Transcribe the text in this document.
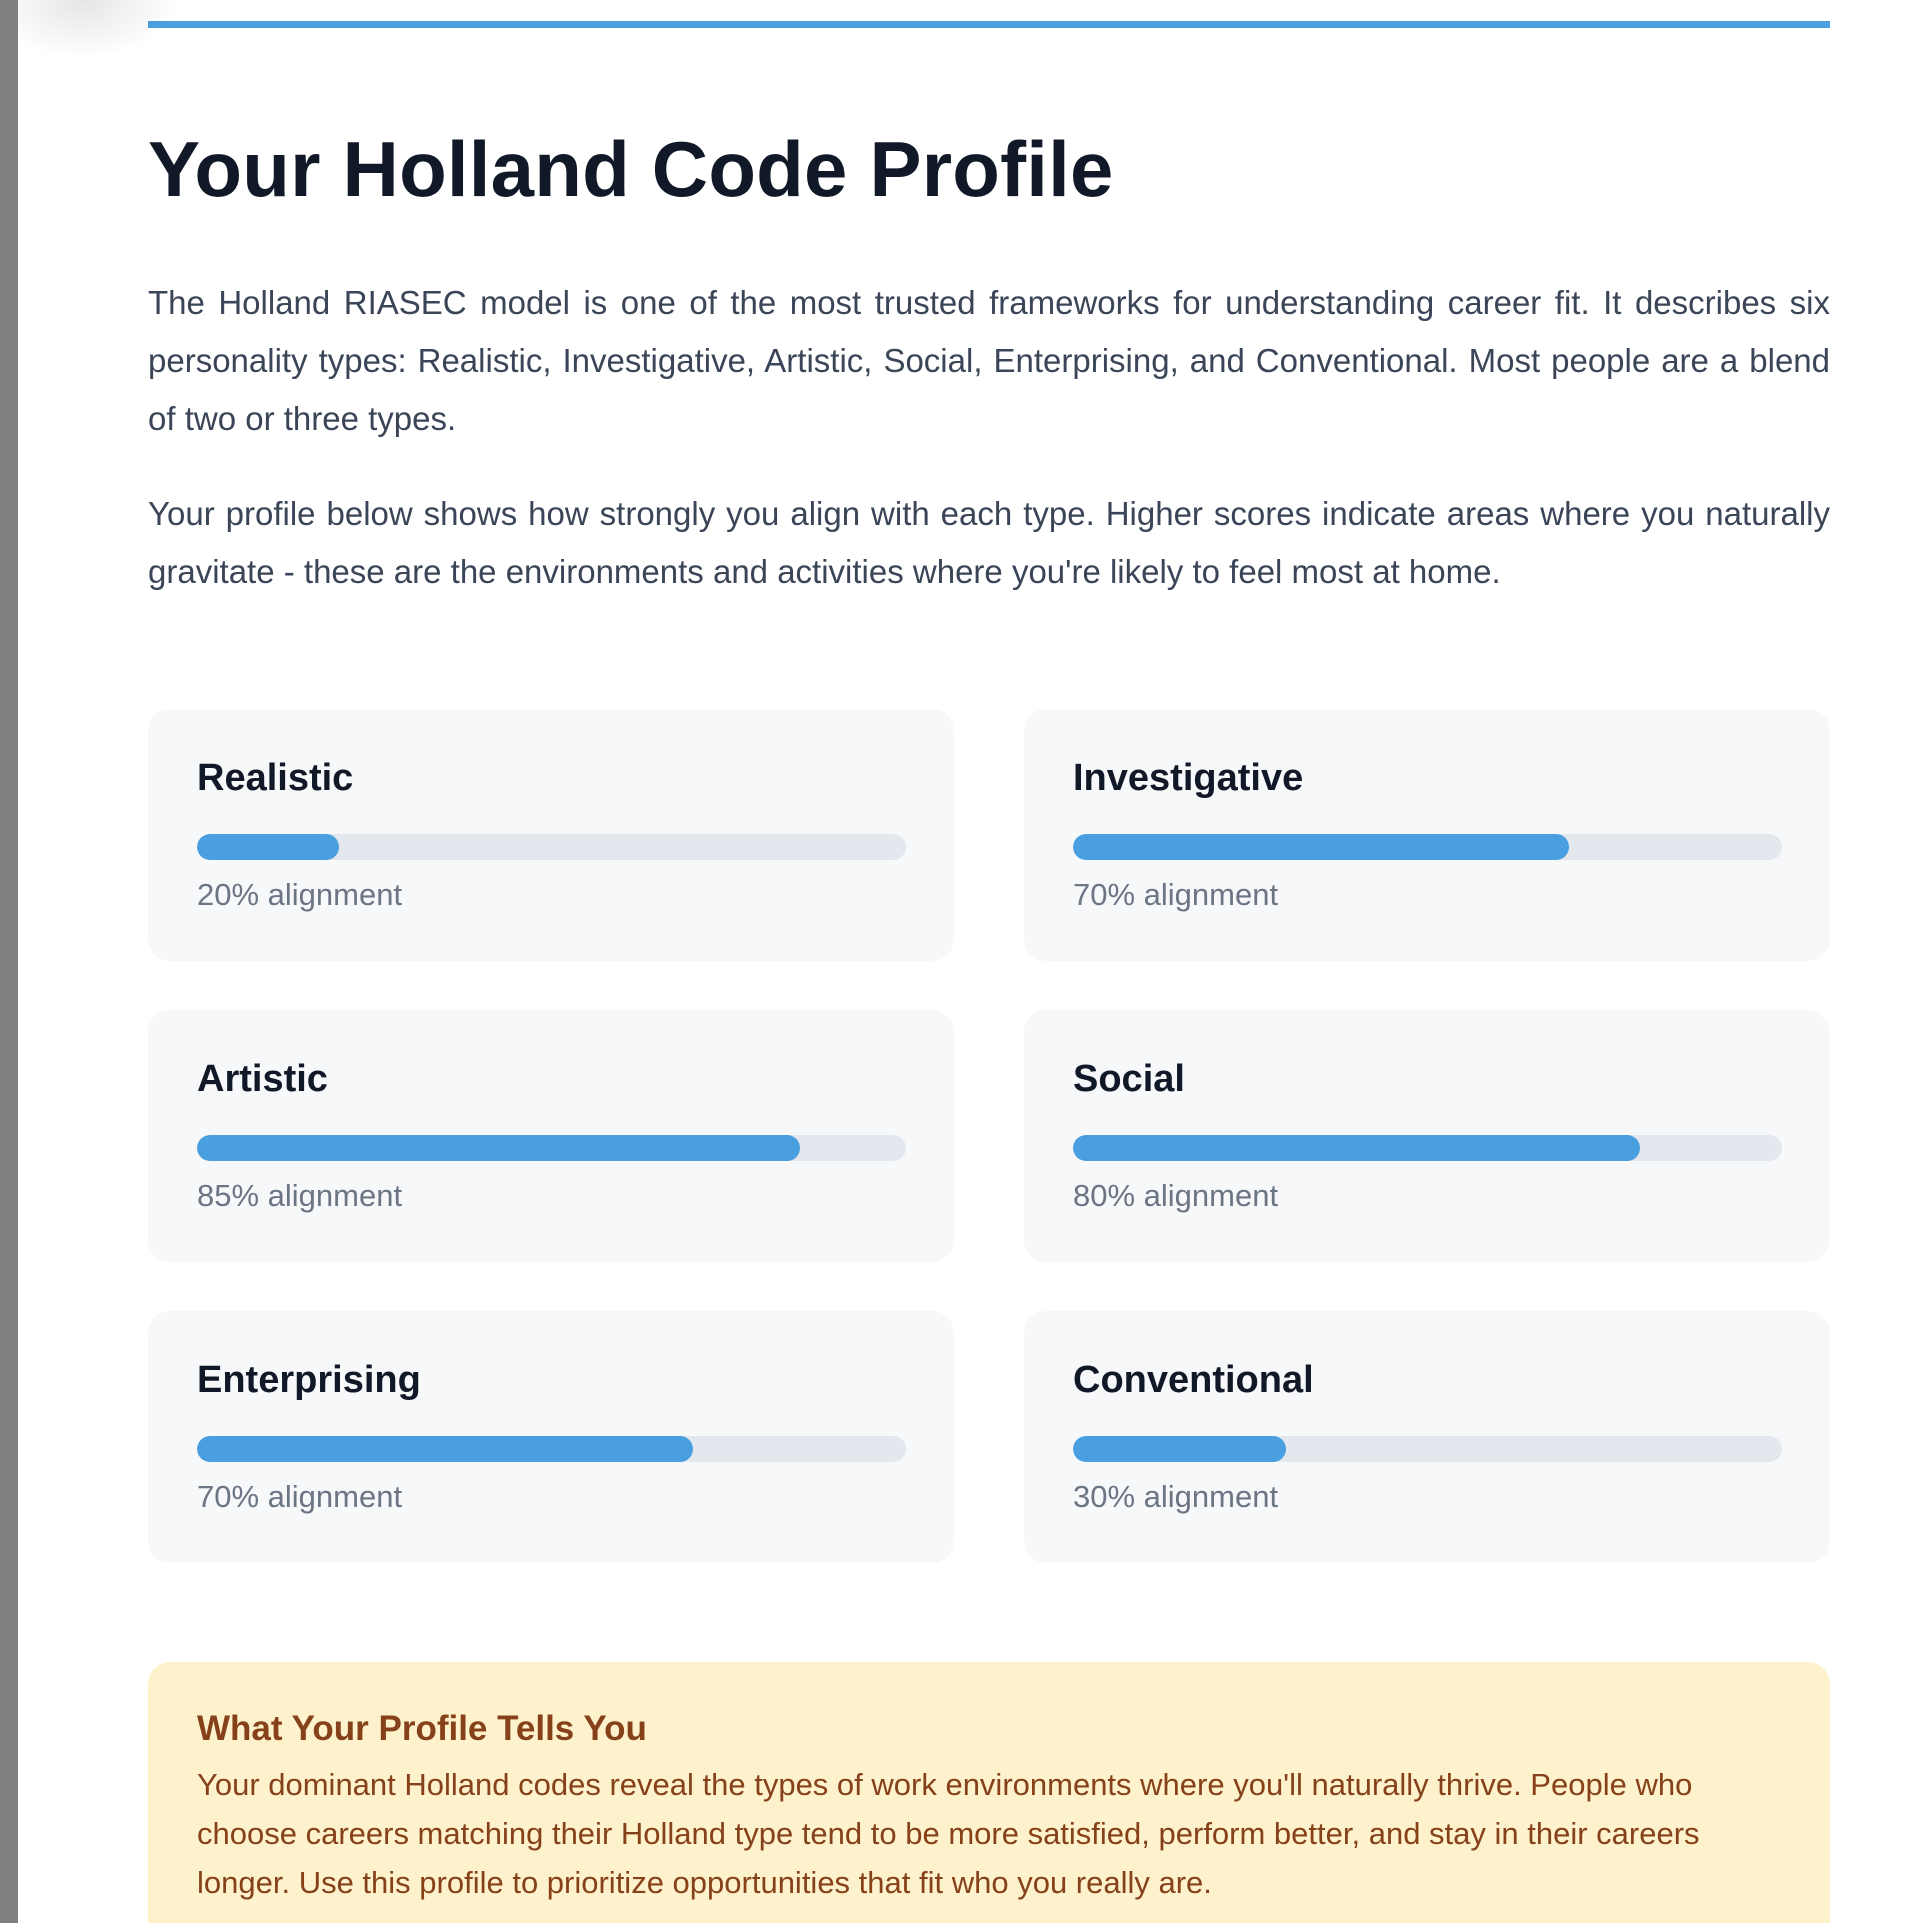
Your Holland Code Profile

The Holland RIASEC model is one of the most trusted frameworks for understanding career fit. It describes six personality types: Realistic, Investigative, Artistic, Social, Enterprising, and Conventional. Most people are a blend of two or three types.

Your profile below shows how strongly you align with each type. Higher scores indicate areas where you naturally gravitate - these are the environments and activities where you're likely to feel most at home.

Realistic
20% alignment
Investigative
70% alignment
Artistic
85% alignment
Social
80% alignment
Enterprising
70% alignment
Conventional
30% alignment
What Your Profile Tells You

Your dominant Holland codes reveal the types of work environments where you'll naturally thrive. People who choose careers matching their Holland type tend to be more satisfied, perform better, and stay in their careers longer. Use this profile to prioritize opportunities that fit who you really are.
